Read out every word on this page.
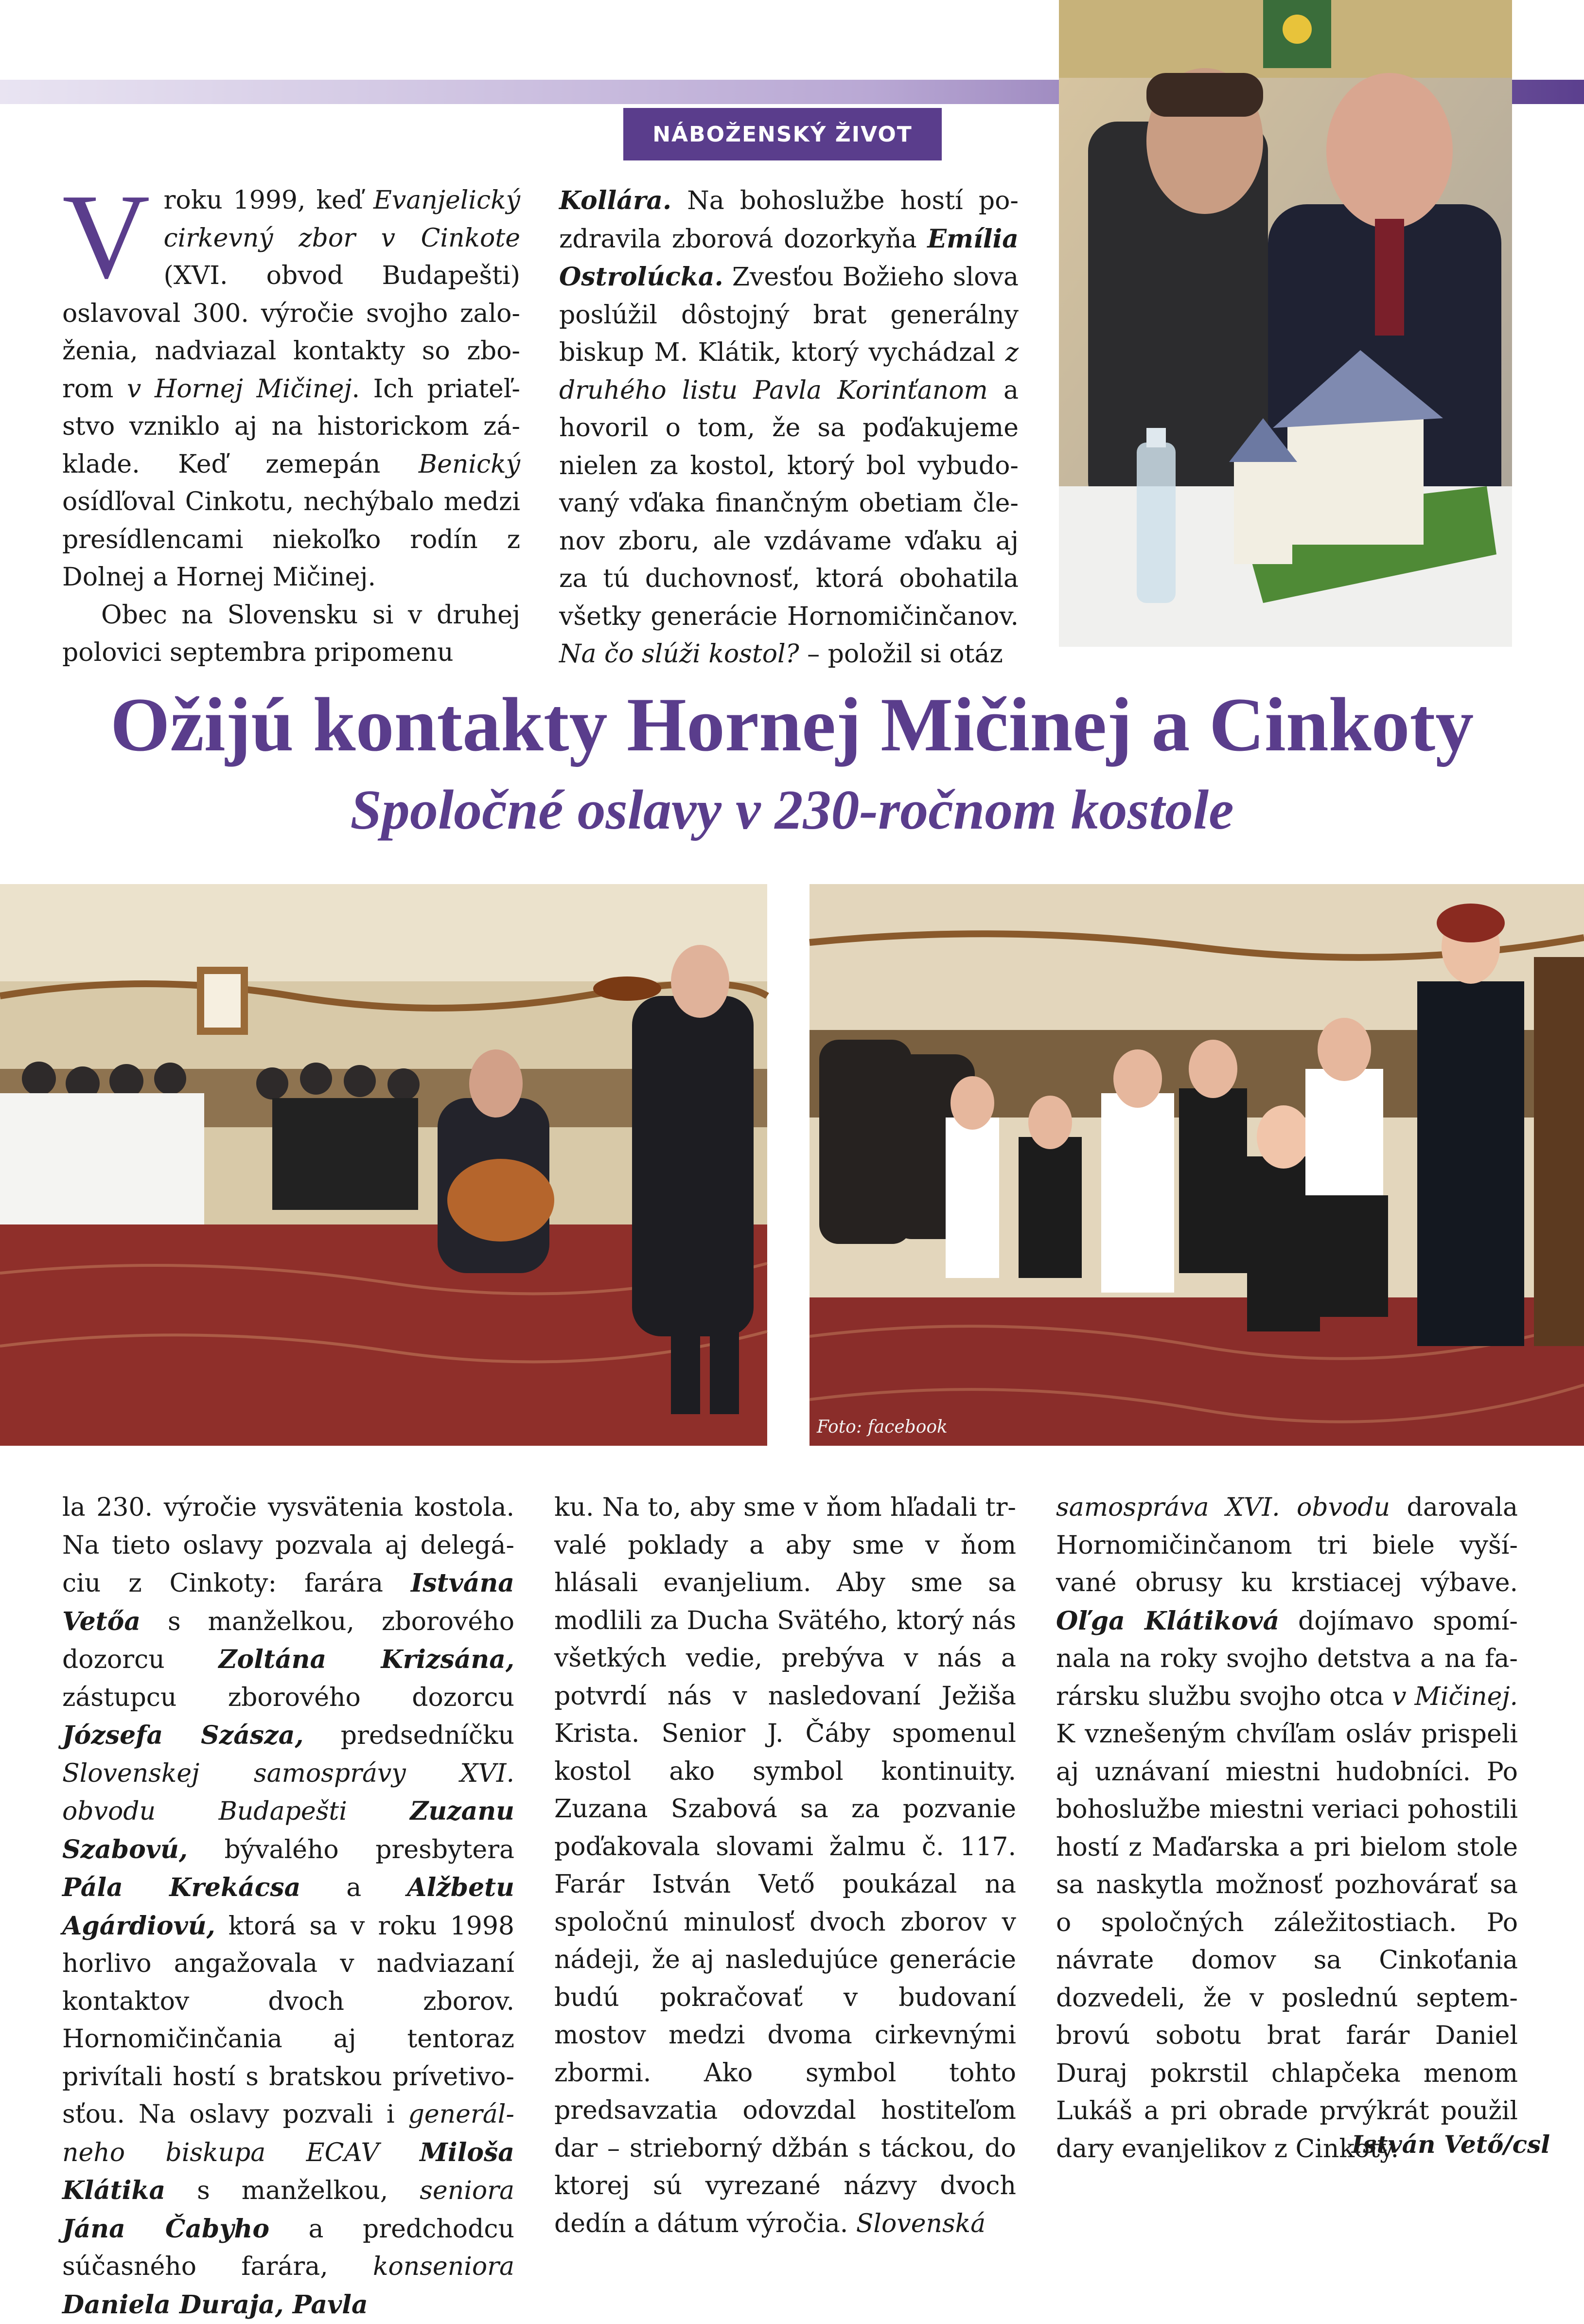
NÁBOŽENSKÝ ŽIVOT

Vroku 1999, keď Evanjelický cirkevný zbor v Cinkote (XVI. obvod Budapešti) oslavoval 300. výročie svojho založenia, nadviazal kontakty so zborom v Hornej Mičinej. Ich priateľstvo vzniklo aj na historickom základe. Keď zemepán Benický osídľoval Cinkotu, nechýbalo medzi presídlencami niekoľko rodín z Dolnej a Hornej Mičinej.

Obec na Slovensku si v druhej polovici septembra pripomenu

Kollára. Na bohoslužbe hostí pozdravila zborová dozorkyňa Emília Ostrolúcka. Zvesťou Božieho slova poslúžil dôstojný brat generálny biskup M. Klátik, ktorý vychádzal z druhého listu Pavla Korinťanom a hovoril o tom, že sa poďakujeme nielen za kostol, ktorý bol vybudovaný vďaka finančným obetiam členov zboru, ale vzdávame vďaku aj za tú duchovnosť, ktorá obohatila všetky generácie Hornomičinčanov. Na čo slúži kostol? – položil si otáz

Ožijú kontakty Hornej Mičinej a Cinkoty
Spoločné oslavy v 230-ročnom kostole
Foto: facebook

la 230. výročie vysvätenia kostola. Na tieto oslavy pozvala aj delegáciu z Cinkoty: farára Istvána Vetőa s manželkou, zborového dozorcu Zoltána Krizsána, zástupcu zborového dozorcu Józsefa Szásza, predsedníčku Slovenskej samosprávy XVI. obvodu Budapešti Zuzanu Szabovú, bývalého presbytera Pála Krekácsa a Alžbetu Agárdiovú, ktorá sa v roku 1998 horlivo angažovala v nadviazaní kontaktov dvoch zborov. Hornomičinčania aj tentoraz privítali hostí s bratskou prívetivosťou. Na oslavy pozvali i generálneho biskupa ECAV Miloša Klátika s manželkou, seniora Jána Čabyho a predchodcu súčasného farára, konseniora Daniela Duraja, Pavla

ku. Na to, aby sme v ňom hľadali trvalé poklady a aby sme v ňom hlásali evanjelium. Aby sme sa modlili za Ducha Svätého, ktorý nás všetkých vedie, prebýva v nás a potvrdí nás v nasledovaní Ježiša Krista. Senior J. Čáby spomenul kostol ako symbol kontinuity. Zuzana Szabová sa za pozvanie poďakovala slovami žalmu č. 117. Farár István Vető poukázal na spoločnú minulosť dvoch zborov v nádeji, že aj nasledujúce generácie budú pokračovať v budovaní mostov medzi dvoma cirkevnými zbormi. Ako symbol tohto predsavzatia odovzdal hostiteľom dar – strieborný džbán s táckou, do ktorej sú vyrezané názvy dvoch dedín a dátum výročia. Slovenská

samospráva XVI. obvodu darovala Hornomičinčanom tri biele vyšívané obrusy ku krstiacej výbave. Oľga Klátiková dojímavo spomínala na roky svojho detstva a na farársku službu svojho otca v Mičinej. K vznešeným chvíľam osláv prispeli aj uznávaní miestni hudobníci. Po bohoslužbe miestni veriaci pohostili hostí z Maďarska a pri bielom stole sa naskytla možnosť pozhovárať sa o spoločných záležitostiach. Po návrate domov sa Cinkoťania dozvedeli, že v poslednú septembrovú sobotu brat farár Daniel Duraj pokrstil chlapčeka menom Lukáš a pri obrade prvýkrát použil dary evanjelikov z Cinkoty.

István Vető/csl
